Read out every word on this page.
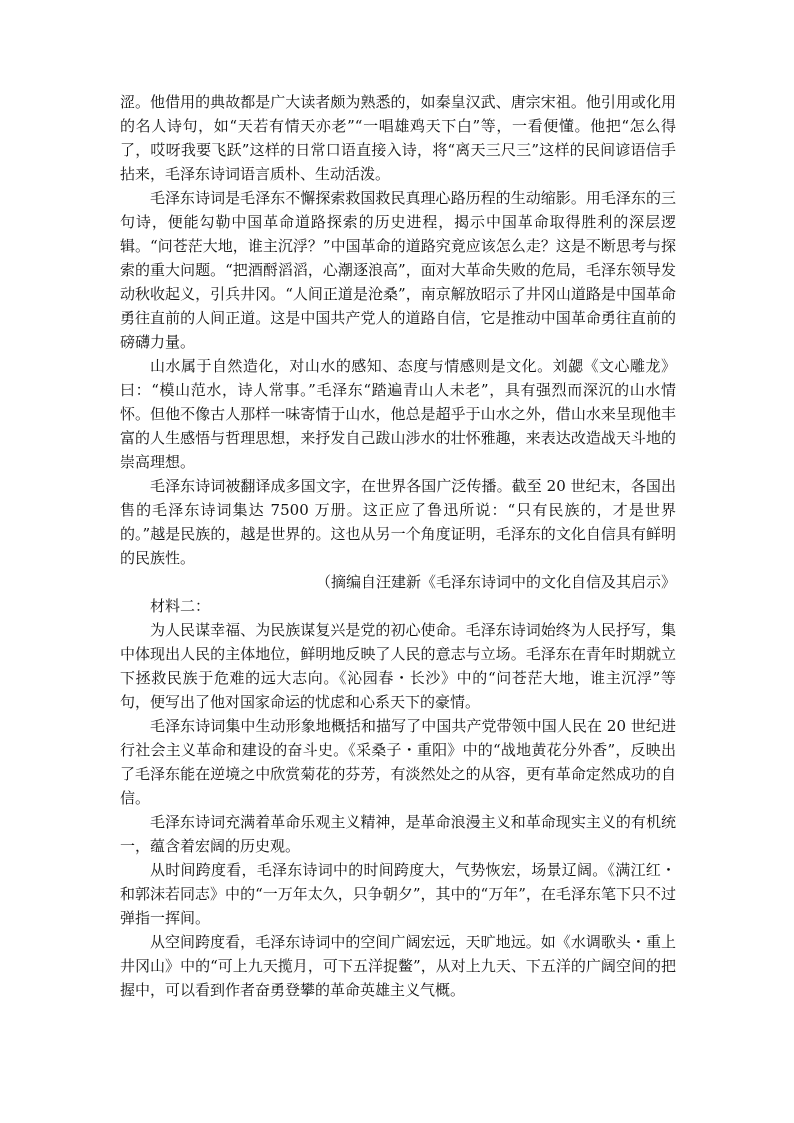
涩。他借用的典故都是广大读者颇为熟悉的，如秦皇汉武、唐宗宋祖。他引用或化用的名人诗句，如“天若有情天亦老”“一唱雄鸡天下白”等，一看便懂。他把“怎么得了，哎呀我要飞跃”这样的日常口语直接入诗，将“离天三尺三”这样的民间谚语信手拈来，毛泽东诗词语言质朴、生动活泼。

毛泽东诗词是毛泽东不懈探索救国救民真理心路历程的生动缩影。用毛泽东的三句诗，便能勾勒中国革命道路探索的历史进程，揭示中国革命取得胜利的深层逻辑。“问苍茫大地，谁主沉浮？”中国革命的道路究竟应该怎么走？这是不断思考与探索的重大问题。“把酒酹滔滔，心潮逐浪高”，面对大革命失败的危局，毛泽东领导发动秋收起义，引兵井冈。“人间正道是沧桑”，南京解放昭示了井冈山道路是中国革命勇往直前的人间正道。这是中国共产党人的道路自信，它是推动中国革命勇往直前的磅礴力量。

山水属于自然造化，对山水的感知、态度与情感则是文化。刘勰《文心雕龙》曰：“模山范水，诗人常事。”毛泽东“踏遍青山人未老”，具有强烈而深沉的山水情怀。但他不像古人那样一味寄情于山水，他总是超乎于山水之外，借山水来呈现他丰富的人生感悟与哲理思想，来抒发自己跋山涉水的壮怀雅趣，来表达改造战天斗地的崇高理想。

毛泽东诗词被翻译成多国文字，在世界各国广泛传播。截至 20 世纪末，各国出售的毛泽东诗词集达 7500 万册。这正应了鲁迅所说：“只有民族的，才是世界的。”越是民族的，越是世界的。这也从另一个角度证明，毛泽东的文化自信具有鲜明的民族性。

（摘编自汪建新《毛泽东诗词中的文化自信及其启示》

材料二：

为人民谋幸福、为民族谋复兴是党的初心使命。毛泽东诗词始终为人民抒写，集中体现出人民的主体地位，鲜明地反映了人民的意志与立场。毛泽东在青年时期就立下拯救民族于危难的远大志向。《沁园春・长沙》中的“问苍茫大地，谁主沉浮”等句，便写出了他对国家命运的忧虑和心系天下的豪情。

毛泽东诗词集中生动形象地概括和描写了中国共产党带领中国人民在 20 世纪进行社会主义革命和建设的奋斗史。《采桑子・重阳》中的“战地黄花分外香”，反映出了毛泽东能在逆境之中欣赏菊花的芬芳，有淡然处之的从容，更有革命定然成功的自信。

毛泽东诗词充满着革命乐观主义精神，是革命浪漫主义和革命现实主义的有机统一，蕴含着宏阔的历史观。

从时间跨度看，毛泽东诗词中的时间跨度大，气势恢宏，场景辽阔。《满江红・和郭沫若同志》中的“一万年太久，只争朝夕”，其中的“万年”，在毛泽东笔下只不过弹指一挥间。

从空间跨度看，毛泽东诗词中的空间广阔宏远，天旷地远。如《水调歌头・重上井冈山》中的“可上九天揽月，可下五洋捉鳖”，从对上九天、下五洋的广阔空间的把握中，可以看到作者奋勇登攀的革命英雄主义气概。
